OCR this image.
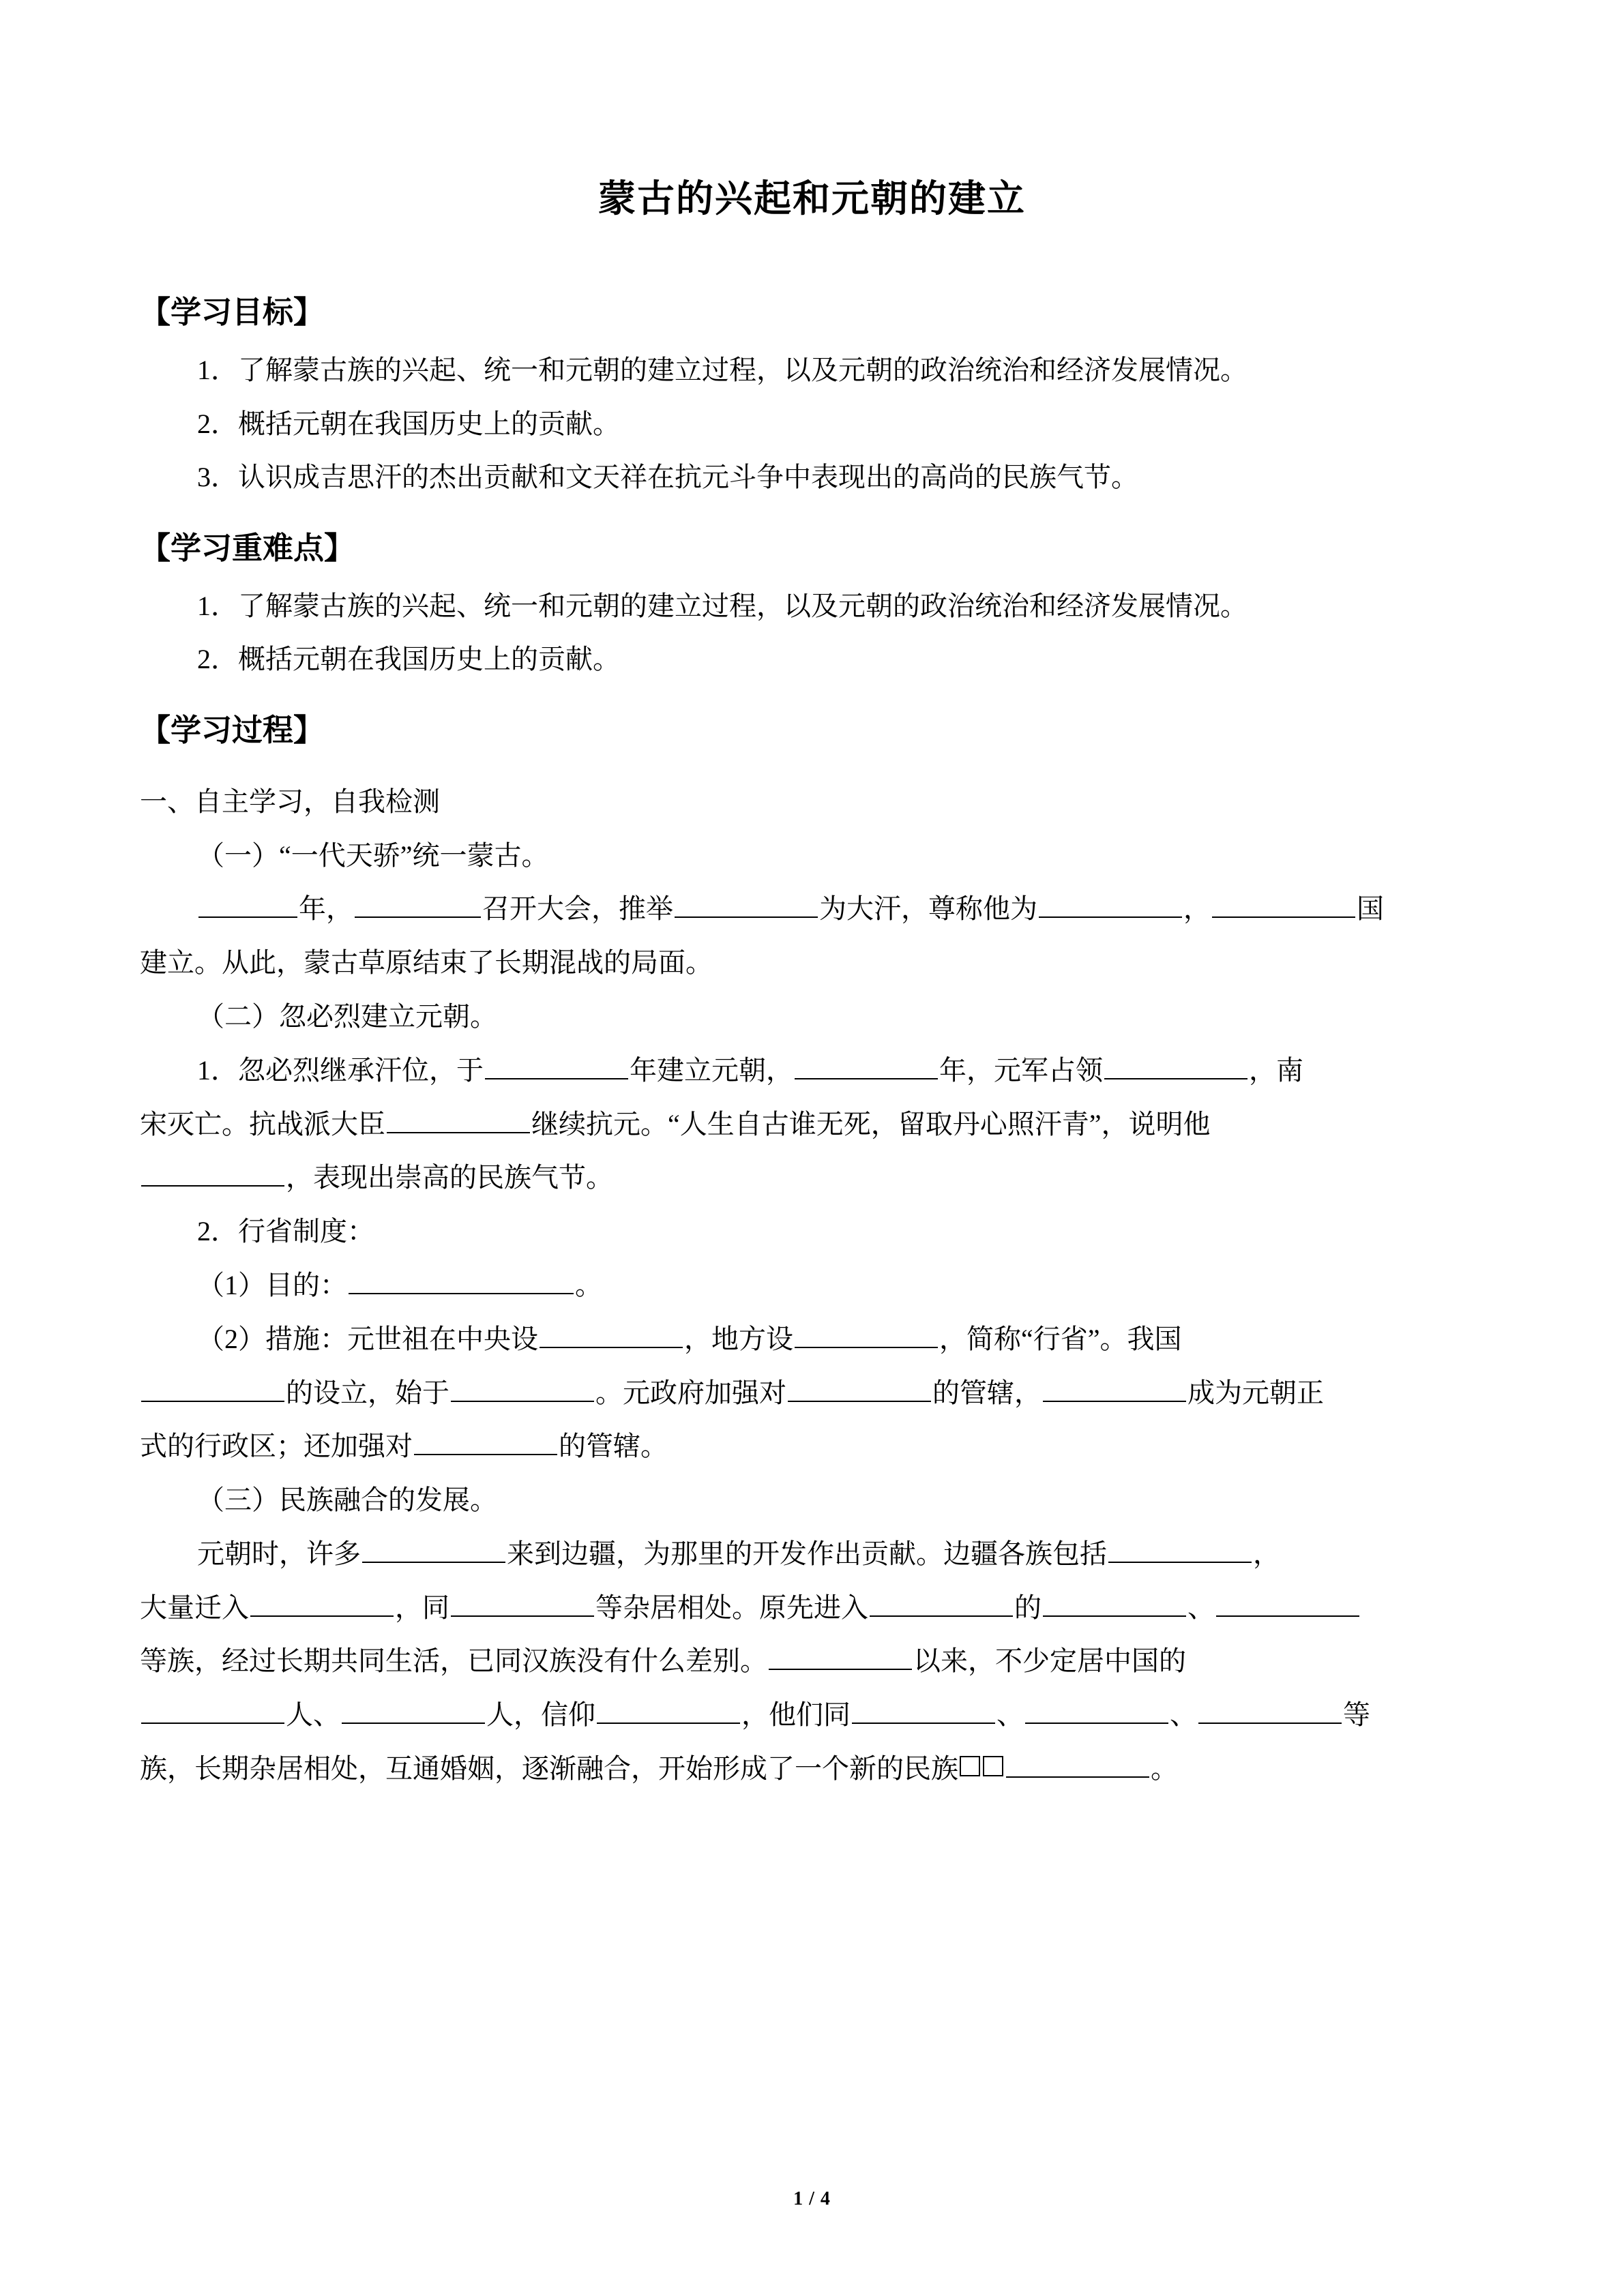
蒙古的兴起和元朝的建立
【学习目标】

1．了解蒙古族的兴起、统一和元朝的建立过程，以及元朝的政治统治和经济发展情况。

2．概括元朝在我国历史上的贡献。

3．认识成吉思汗的杰出贡献和文天祥在抗元斗争中表现出的高尚的民族气节。

【学习重难点】

1．了解蒙古族的兴起、统一和元朝的建立过程，以及元朝的政治统治和经济发展情况。

2．概括元朝在我国历史上的贡献。

【学习过程】

一、自主学习，自我检测

（一）“一代天骄”统一蒙古。

年，	召开大会，推举	为大汗，尊称他为	，	国

建立。从此，蒙古草原结束了长期混战的局面。

（二）忽必烈建立元朝。

1．忽必烈继承汗位，于	年建立元朝，	年，元军占领	，南

宋灭亡。抗战派大臣	继续抗元。“人生自古谁无死，留取丹心照汗青”，说明他

，表现出崇高的民族气节。

2．行省制度：

（1）目的：	。

（2）措施：元世祖在中央设	，地方设	，简称“行省”。我国

的设立，始于	。元政府加强对	的管辖，	成为元朝正

式的行政区；还加强对	的管辖。

（三）民族融合的发展。

元朝时，许多	来到边疆，为那里的开发作出贡献。边疆各族包括	，

大量迁入	，同	等杂居相处。原先进入	的	、

等族，经过长期共同生活，已同汉族没有什么差别。	以来，不少定居中国的

人、	人，信仰	，他们同	、	、	等

族，长期杂居相处，互通婚姻，逐渐融合，开始形成了一个新的民族	。

1 / 4
